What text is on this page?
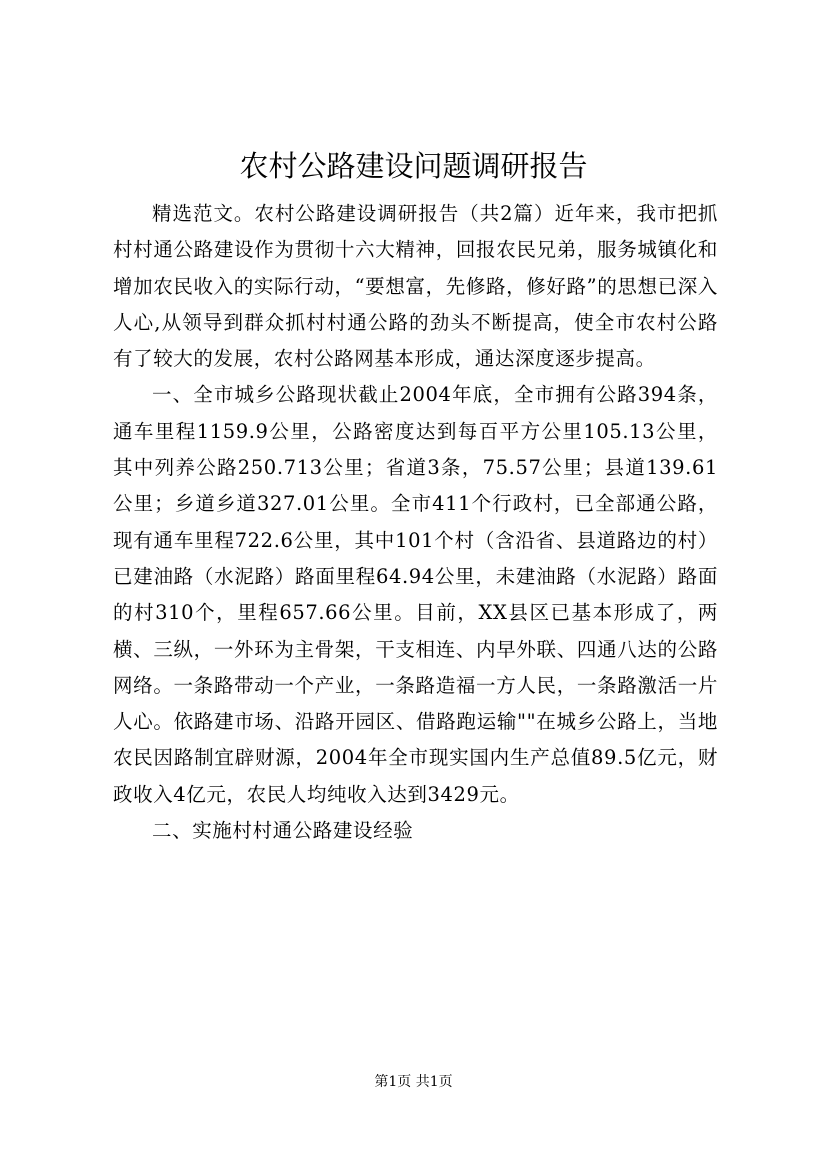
农村公路建设问题调研报告

精选范文。农村公路建设调研报告（共2篇）近年来，我市把抓村村通公路建设作为贯彻十六大精神，回报农民兄弟，服务城镇化和增加农民收入的实际行动，“要想富，先修路，修好路”的思想已深入人心,从领导到群众抓村村通公路的劲头不断提高，使全市农村公路有了较大的发展，农村公路网基本形成，通达深度逐步提高。

一、全市城乡公路现状截止2004年底，全市拥有公路394条，通车里程1159.9公里，公路密度达到每百平方公里105.13公里，其中列养公路250.713公里；省道3条，75.57公里；县道139.61公里；乡道乡道327.01公里。全市411个行政村，已全部通公路，现有通车里程722.6公里，其中101个村（含沿省、县道路边的村）已建油路（水泥路）路面里程64.94公里，未建油路（水泥路）路面的村310个，里程657.66公里。目前，XX县区已基本形成了，两横、三纵，一外环为主骨架，干支相连、内早外联、四通八达的公路网络。一条路带动一个产业，一条路造福一方人民，一条路激活一片人心。依路建市场、沿路开园区、借路跑运输""在城乡公路上，当地农民因路制宜辟财源，2004年全市现实国内生产总值89.5亿元，财政收入4亿元，农民人均纯收入达到3429元。

二、实施村村通公路建设经验

第1页 共1页
